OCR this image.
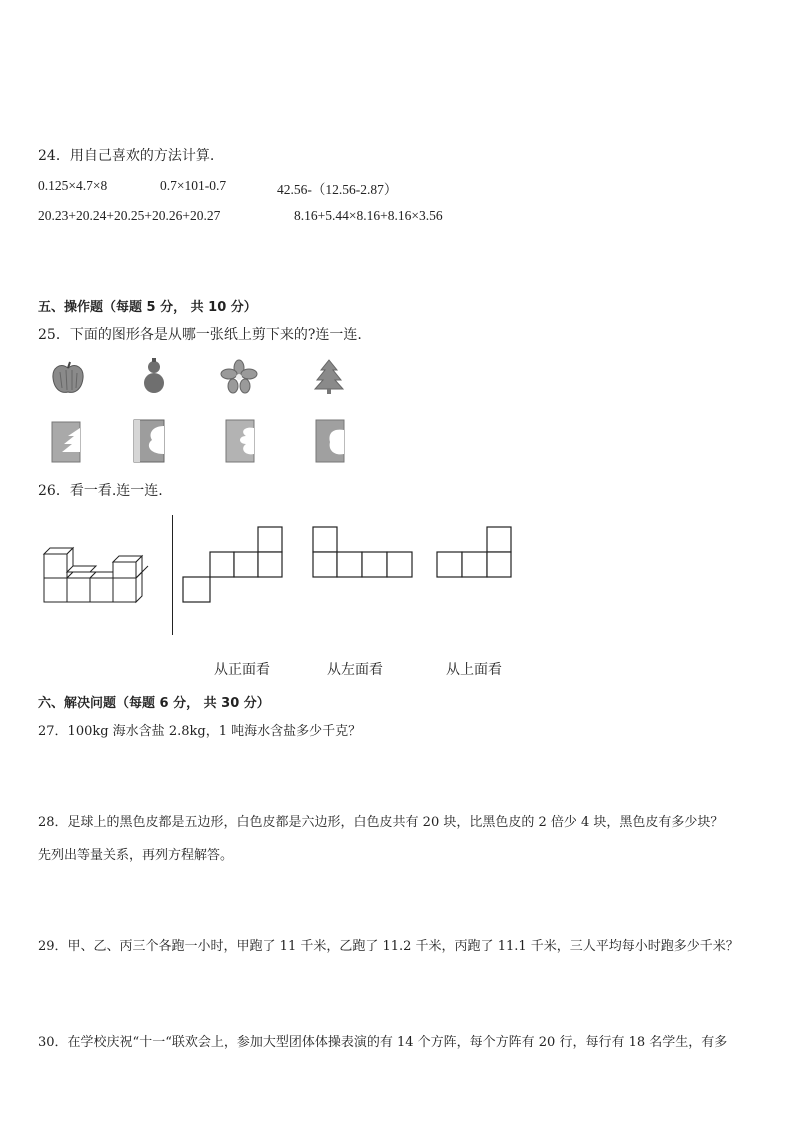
24．用自己喜欢的方法计算.
0.125×4.7×8	0.7×101-0.7	42.56-（12.56-2.87）
20.23+20.24+20.25+20.26+20.27	8.16+5.44×8.16+8.16×3.56
五、操作题（每题 5 分， 共 10 分）
25．下面的图形各是从哪一张纸上剪下来的?连一连.
26．看一看.连一连.
从正面看	从左面看	从上面看
六、解决问题（每题 6 分， 共 30 分）
27．100kg 海水含盐 2.8kg，1 吨海水含盐多少千克？
28．足球上的黑色皮都是五边形，白色皮都是六边形，白色皮共有 20 块，比黑色皮的 2 倍少 4 块，黑色皮有多少块？
先列出等量关系，再列方程解答。
29．甲、乙、丙三个各跑一小时，甲跑了 11 千米，乙跑了 11.2 千米，丙跑了 11.1 千米，三人平均每小时跑多少千米？
30．在学校庆祝“十一“联欢会上，参加大型团体体操表演的有 14 个方阵，每个方阵有 20 行，每行有 18 名学生，有多
